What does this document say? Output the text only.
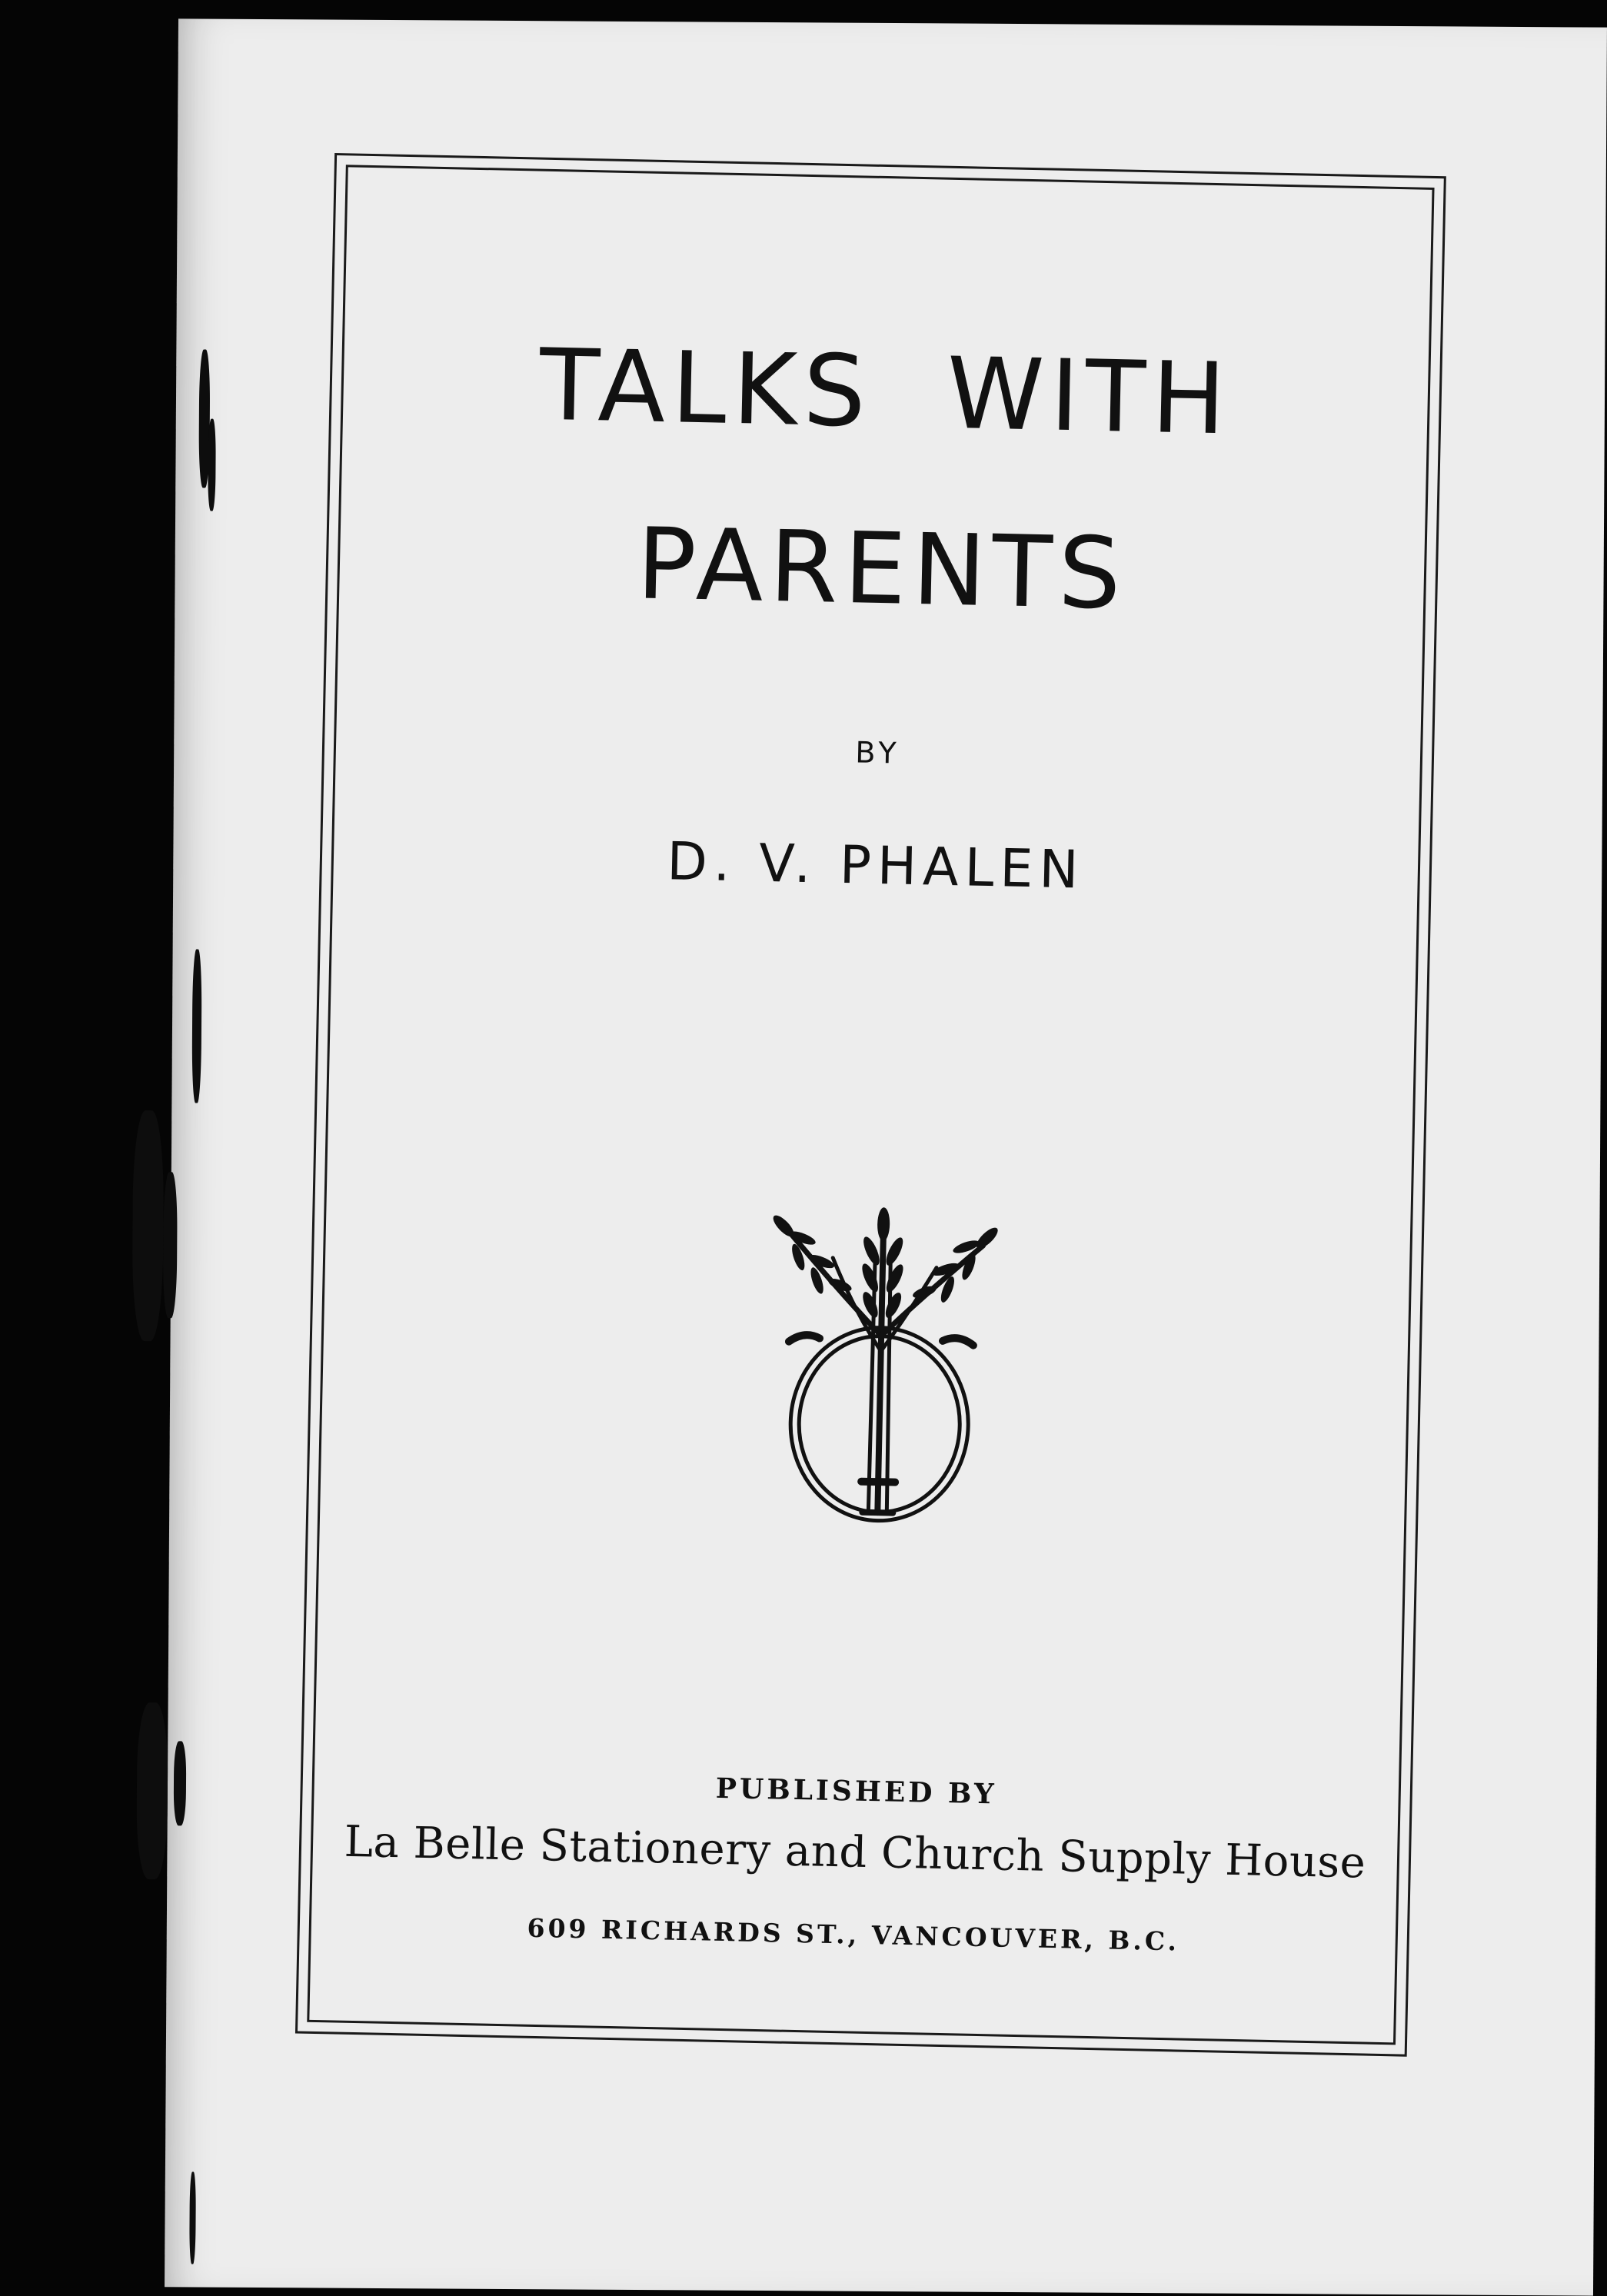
TALKS  WITH
PARENTS
BY
D. V. PHALEN
PUBLISHED BY
La Belle Stationery and Church Supply House
609 RICHARDS ST., VANCOUVER, B.C.
